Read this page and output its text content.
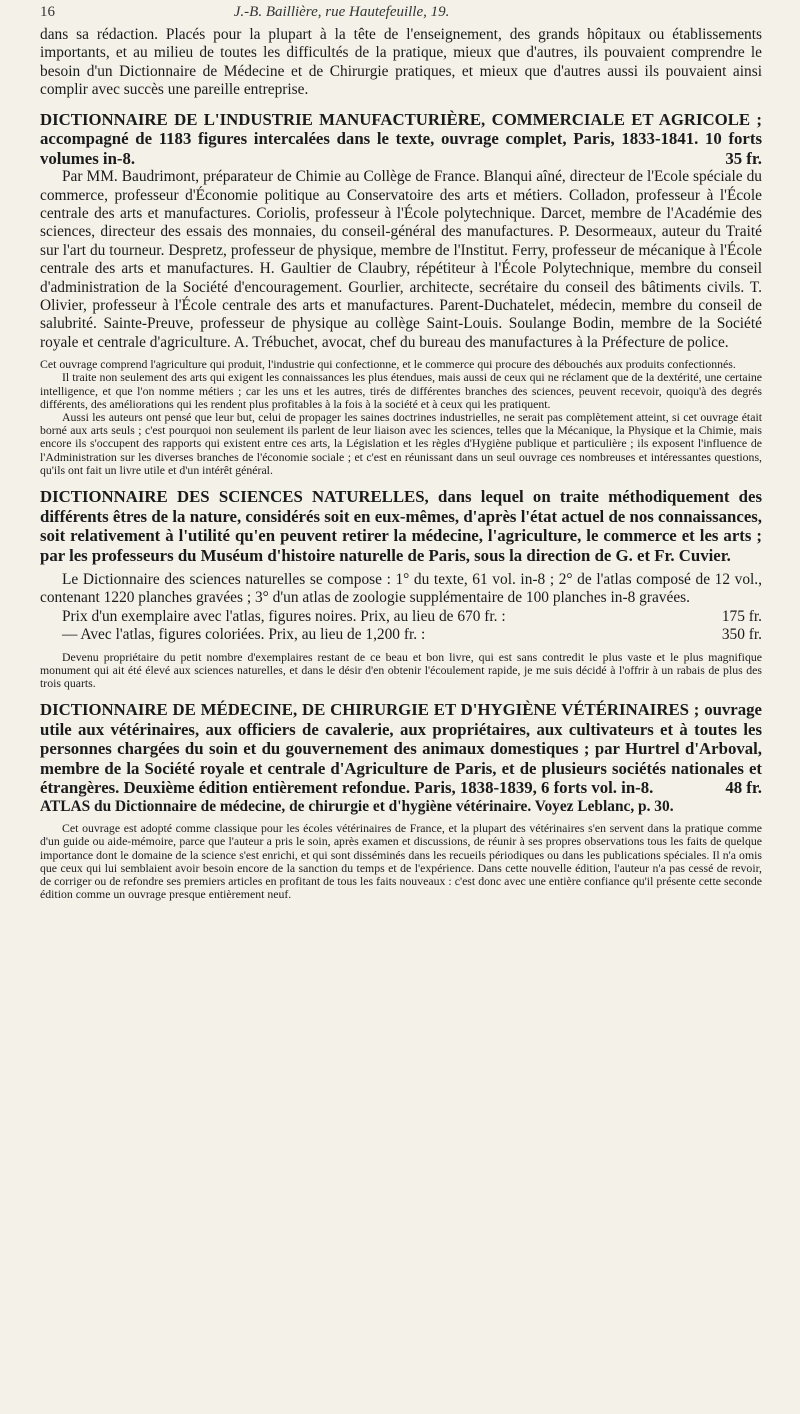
16	J.-B. Baillière, rue Hautefeuille, 19.

dans sa rédaction. Placés pour la plupart à la tête de l'enseignement, des grands hôpitaux ou établissements importants, et au milieu de toutes les difficultés de la pratique, mieux que d'autres, ils pouvaient comprendre le besoin d'un Dictionnaire de Médecine et de Chirurgie pratiques, et mieux que d'autres aussi ils pouvaient ainsi complir avec succès une pareille entreprise.

DICTIONNAIRE DE L'INDUSTRIE MANUFACTURIÈRE, COMMERCIALE ET AGRICOLE ; accompagné de 1183 figures intercalées dans le texte, ouvrage complet, Paris, 1833-1841. 10 forts volumes in-8.	35 fr.

Par MM. Baudrimont, préparateur de Chimie au Collège de France. Blanqui aîné, directeur de l'Ecole spéciale du commerce, professeur d'Économie politique au Conservatoire des arts et métiers. Colladon, professeur à l'École centrale des arts et manufactures. Coriolis, professeur à l'École polytechnique. Darcet, membre de l'Académie des sciences, directeur des essais des monnaies, du conseil-général des manufactures. P. Desormeaux, auteur du Traité sur l'art du tourneur. Despretz, professeur de physique, membre de l'Institut. Ferry, professeur de mécanique à l'École centrale des arts et manufactures. H. Gaultier de Claubry, répétiteur à l'École Polytechnique, membre du conseil d'administration de la Société d'encouragement. Gourlier, architecte, secrétaire du conseil des bâtiments civils. T. Olivier, professeur à l'École centrale des arts et manufactures. Parent-Duchatelet, médecin, membre du conseil de salubrité. Sainte-Preuve, professeur de physique au collège Saint-Louis. Soulange Bodin, membre de la Société royale et centrale d'agriculture. A. Trébuchet, avocat, chef du bureau des manufactures à la Préfecture de police.

Cet ouvrage comprend l'agriculture qui produit, l'industrie qui confectionne, et le commerce qui procure des débouchés aux produits confectionnés.

Il traite non seulement des arts qui exigent les connaissances les plus étendues, mais aussi de ceux qui ne réclament que de la dextérité, une certaine intelligence, et que l'on nomme métiers ; car les uns et les autres, tirés de différentes branches des sciences, peuvent recevoir, quoiqu'à des degrés différents, des améliorations qui les rendent plus profitables à la fois à la société et à ceux qui les pratiquent.

Aussi les auteurs ont pensé que leur but, celui de propager les saines doctrines industrielles, ne serait pas complètement atteint, si cet ouvrage était borné aux arts seuls ; c'est pourquoi non seulement ils parlent de leur liaison avec les sciences, telles que la Mécanique, la Physique et la Chimie, mais encore ils s'occupent des rapports qui existent entre ces arts, la Législation et les règles d'Hygiène publique et particulière ; ils exposent l'influence de l'Administration sur les diverses branches de l'économie sociale ; et c'est en réunissant dans un seul ouvrage ces nombreuses et intéressantes questions, qu'ils ont fait un livre utile et d'un intérêt général.

DICTIONNAIRE DES SCIENCES NATURELLES, dans lequel on traite méthodiquement des différents êtres de la nature, considérés soit en eux-mêmes, d'après l'état actuel de nos connaissances, soit relativement à l'utilité qu'en peuvent retirer la médecine, l'agriculture, le commerce et les arts ; par les professeurs du Muséum d'histoire naturelle de Paris, sous la direction de G. et Fr. Cuvier.

Le Dictionnaire des sciences naturelles se compose : 1° du texte, 61 vol. in-8 ; 2° de l'atlas composé de 12 vol., contenant 1220 planches gravées ; 3° d'un atlas de zoologie supplémentaire de 100 planches in-8 gravées.

Prix d'un exemplaire avec l'atlas, figures noires. Prix, au lieu de 670 fr. :	175 fr.

— Avec l'atlas, figures coloriées. Prix, au lieu de 1,200 fr. :	350 fr.

Devenu propriétaire du petit nombre d'exemplaires restant de ce beau et bon livre, qui est sans contredit le plus vaste et le plus magnifique monument qui ait été élevé aux sciences naturelles, et dans le désir d'en obtenir l'écoulement rapide, je me suis décidé à l'offrir à un rabais de plus des trois quarts.

DICTIONNAIRE DE MÉDECINE, DE CHIRURGIE ET D'HYGIÈNE VÉTÉRINAIRES ; ouvrage utile aux vétérinaires, aux officiers de cavalerie, aux propriétaires, aux cultivateurs et à toutes les personnes chargées du soin et du gouvernement des animaux domestiques ; par Hurtrel d'Arboval, membre de la Société royale et centrale d'Agriculture de Paris, et de plusieurs sociétés nationales et étrangères. Deuxième édition entièrement refondue. Paris, 1838-1839, 6 forts vol. in-8.	48 fr.

ATLAS du Dictionnaire de médecine, de chirurgie et d'hygiène vétérinaire. Voyez Leblanc, p. 30.

Cet ouvrage est adopté comme classique pour les écoles vétérinaires de France, et la plupart des vétérinaires s'en servent dans la pratique comme d'un guide ou aide-mémoire, parce que l'auteur a pris le soin, après examen et discussions, de réunir à ses propres observations tous les faits de quelque importance dont le domaine de la science s'est enrichi, et qui sont disséminés dans les recueils périodiques ou dans les publications spéciales. Il n'a omis que ceux qui lui semblaient avoir besoin encore de la sanction du temps et de l'expérience. Dans cette nouvelle édition, l'auteur n'a pas cessé de revoir, de corriger ou de refondre ses premiers articles en profitant de tous les faits nouveaux : c'est donc avec une entière confiance qu'il présente cette seconde édition comme un ouvrage presque entièrement neuf.
